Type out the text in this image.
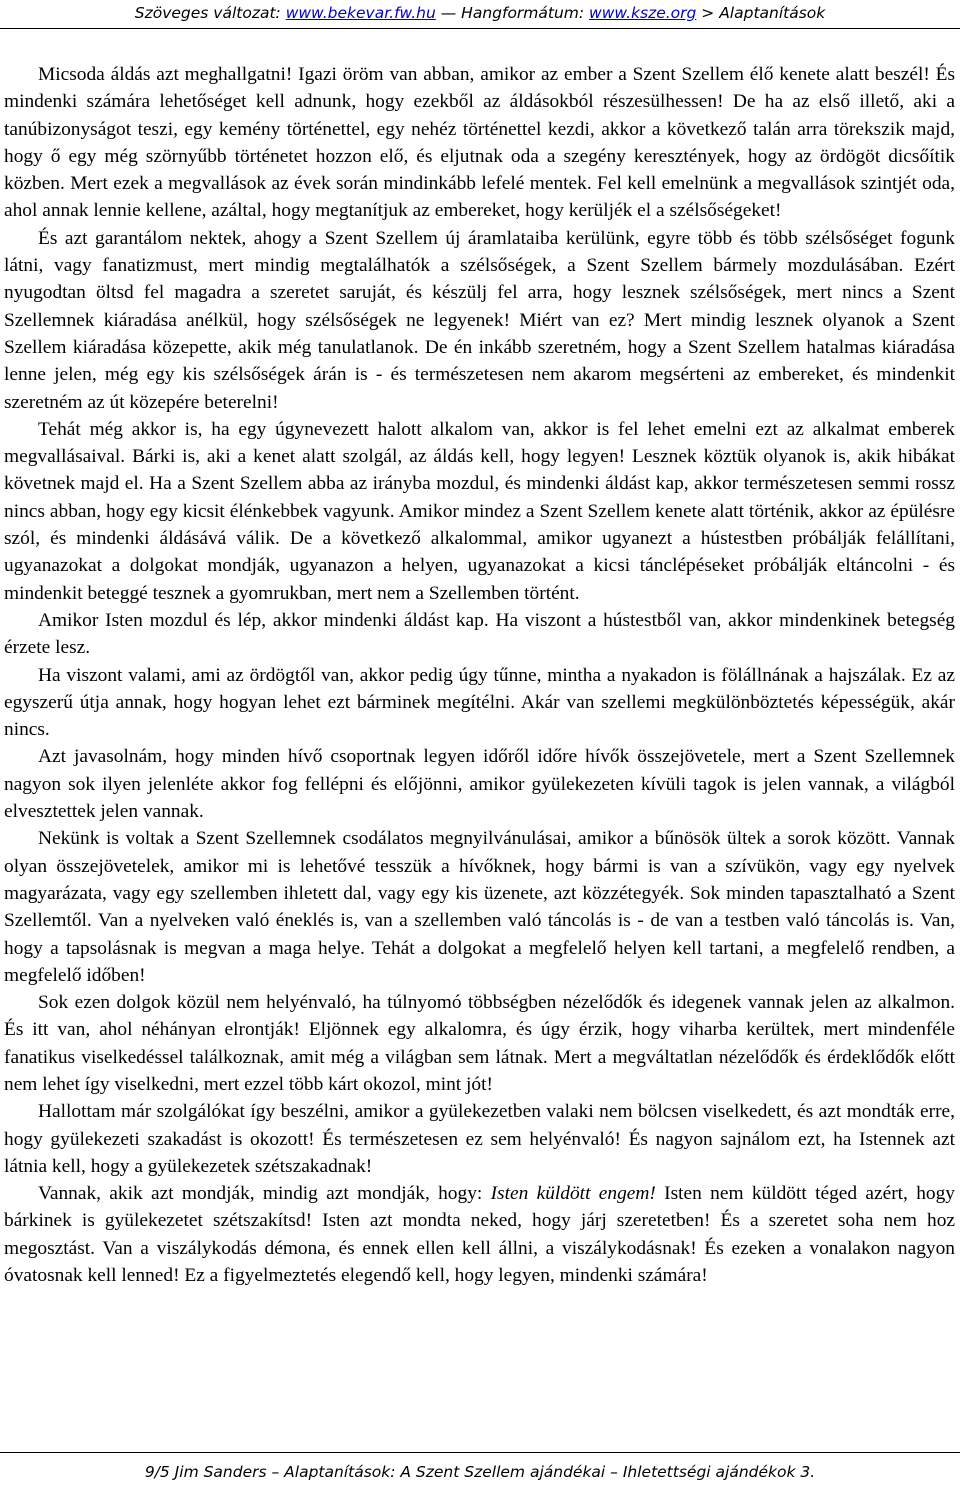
Szöveges változat: www.bekevar.fw.hu — Hangformátum: www.ksze.org > Alaptanítások

Micsoda áldás azt meghallgatni! Igazi öröm van abban, amikor az ember a Szent Szellem élő kenete alatt beszél! És mindenki számára lehetőséget kell adnunk, hogy ezekből az áldásokból részesülhessen! De ha az első illető, aki a tanúbizonyságot teszi, egy kemény történettel, egy nehéz történettel kezdi, akkor a következő talán arra törekszik majd, hogy ő egy még szörnyűbb történetet hozzon elő, és eljutnak oda a szegény keresztények, hogy az ördögöt dicsőítik közben. Mert ezek a megvallások az évek során mindinkább lefelé mentek. Fel kell emelnünk a megvallások szintjét oda, ahol annak lennie kellene, azáltal, hogy megtanítjuk az embereket, hogy kerüljék el a szélsőségeket!

És azt garantálom nektek, ahogy a Szent Szellem új áramlataiba kerülünk, egyre több és több szélsőséget fogunk látni, vagy fanatizmust, mert mindig megtalálhatók a szélsőségek, a Szent Szellem bármely mozdulásában. Ezért nyugodtan öltsd fel magadra a szeretet saruját, és készülj fel arra, hogy lesznek szélsőségek, mert nincs a Szent Szellemnek kiáradása anélkül, hogy szélsőségek ne legyenek! Miért van ez? Mert mindig lesznek olyanok a Szent Szellem kiáradása közepette, akik még tanulatlanok. De én inkább szeretném, hogy a Szent Szellem hatalmas kiáradása lenne jelen, még egy kis szélsőségek árán is - és természetesen nem akarom megsérteni az embereket, és mindenkit szeretném az út közepére beterelni!

Tehát még akkor is, ha egy úgynevezett halott alkalom van, akkor is fel lehet emelni ezt az alkalmat emberek megvallásaival. Bárki is, aki a kenet alatt szolgál, az áldás kell, hogy legyen! Lesznek köztük olyanok is, akik hibákat követnek majd el. Ha a Szent Szellem abba az irányba mozdul, és mindenki áldást kap, akkor természetesen semmi rossz nincs abban, hogy egy kicsit élénkebbek vagyunk. Amikor mindez a Szent Szellem kenete alatt történik, akkor az épülésre szól, és mindenki áldásává válik. De a következő alkalommal, amikor ugyanezt a hústestben próbálják felállítani, ugyanazokat a dolgokat mondják, ugyanazon a helyen, ugyanazokat a kicsi tánclépéseket próbálják eltáncolni - és mindenkit beteggé tesznek a gyomrukban, mert nem a Szellemben történt.

Amikor Isten mozdul és lép, akkor mindenki áldást kap. Ha viszont a hústestből van, akkor mindenkinek betegség érzete lesz.

Ha viszont valami, ami az ördögtől van, akkor pedig úgy tűnne, mintha a nyakadon is fölállnának a hajszálak. Ez az egyszerű útja annak, hogy hogyan lehet ezt bárminek megítélni. Akár van szellemi megkülönböztetés képességük, akár nincs.

Azt javasolnám, hogy minden hívő csoportnak legyen időről időre hívők összejövetele, mert a Szent Szellemnek nagyon sok ilyen jelenléte akkor fog fellépni és előjönni, amikor gyülekezeten kívüli tagok is jelen vannak, a világból elvesztettek jelen vannak.

Nekünk is voltak a Szent Szellemnek csodálatos megnyilvánulásai, amikor a bűnösök ültek a sorok között. Vannak olyan összejövetelek, amikor mi is lehetővé tesszük a hívőknek, hogy bármi is van a szívükön, vagy egy nyelvek magyarázata, vagy egy szellemben ihletett dal, vagy egy kis üzenete, azt közzétegyék. Sok minden tapasztalható a Szent Szellemtől. Van a nyelveken való éneklés is, van a szellemben való táncolás is - de van a testben való táncolás is. Van, hogy a tapsolásnak is megvan a maga helye. Tehát a dolgokat a megfelelő helyen kell tartani, a megfelelő rendben, a megfelelő időben!

Sok ezen dolgok közül nem helyénvaló, ha túlnyomó többségben nézelődők és idegenek vannak jelen az alkalmon. És itt van, ahol néhányan elrontják! Eljönnek egy alkalomra, és úgy érzik, hogy viharba kerültek, mert mindenféle fanatikus viselkedéssel találkoznak, amit még a világban sem látnak. Mert a megváltatlan nézelődők és érdeklődők előtt nem lehet így viselkedni, mert ezzel több kárt okozol, mint jót!

Hallottam már szolgálókat így beszélni, amikor a gyülekezetben valaki nem bölcsen viselkedett, és azt mondták erre, hogy gyülekezeti szakadást is okozott! És természetesen ez sem helyénvaló! És nagyon sajnálom ezt, ha Istennek azt látnia kell, hogy a gyülekezetek szétszakadnak!

Vannak, akik azt mondják, mindig azt mondják, hogy: Isten küldött engem! Isten nem küldött téged azért, hogy bárkinek is gyülekezetet szétszakítsd! Isten azt mondta neked, hogy járj szeretetben! És a szeretet soha nem hoz megosztást. Van a viszálykodás démona, és ennek ellen kell állni, a viszálykodásnak! És ezeken a vonalakon nagyon óvatosnak kell lenned! Ez a figyelmeztetés elegendő kell, hogy legyen, mindenki számára!

9/5 Jim Sanders – Alaptanítások: A Szent Szellem ajándékai – Ihletettségi ajándékok 3.
